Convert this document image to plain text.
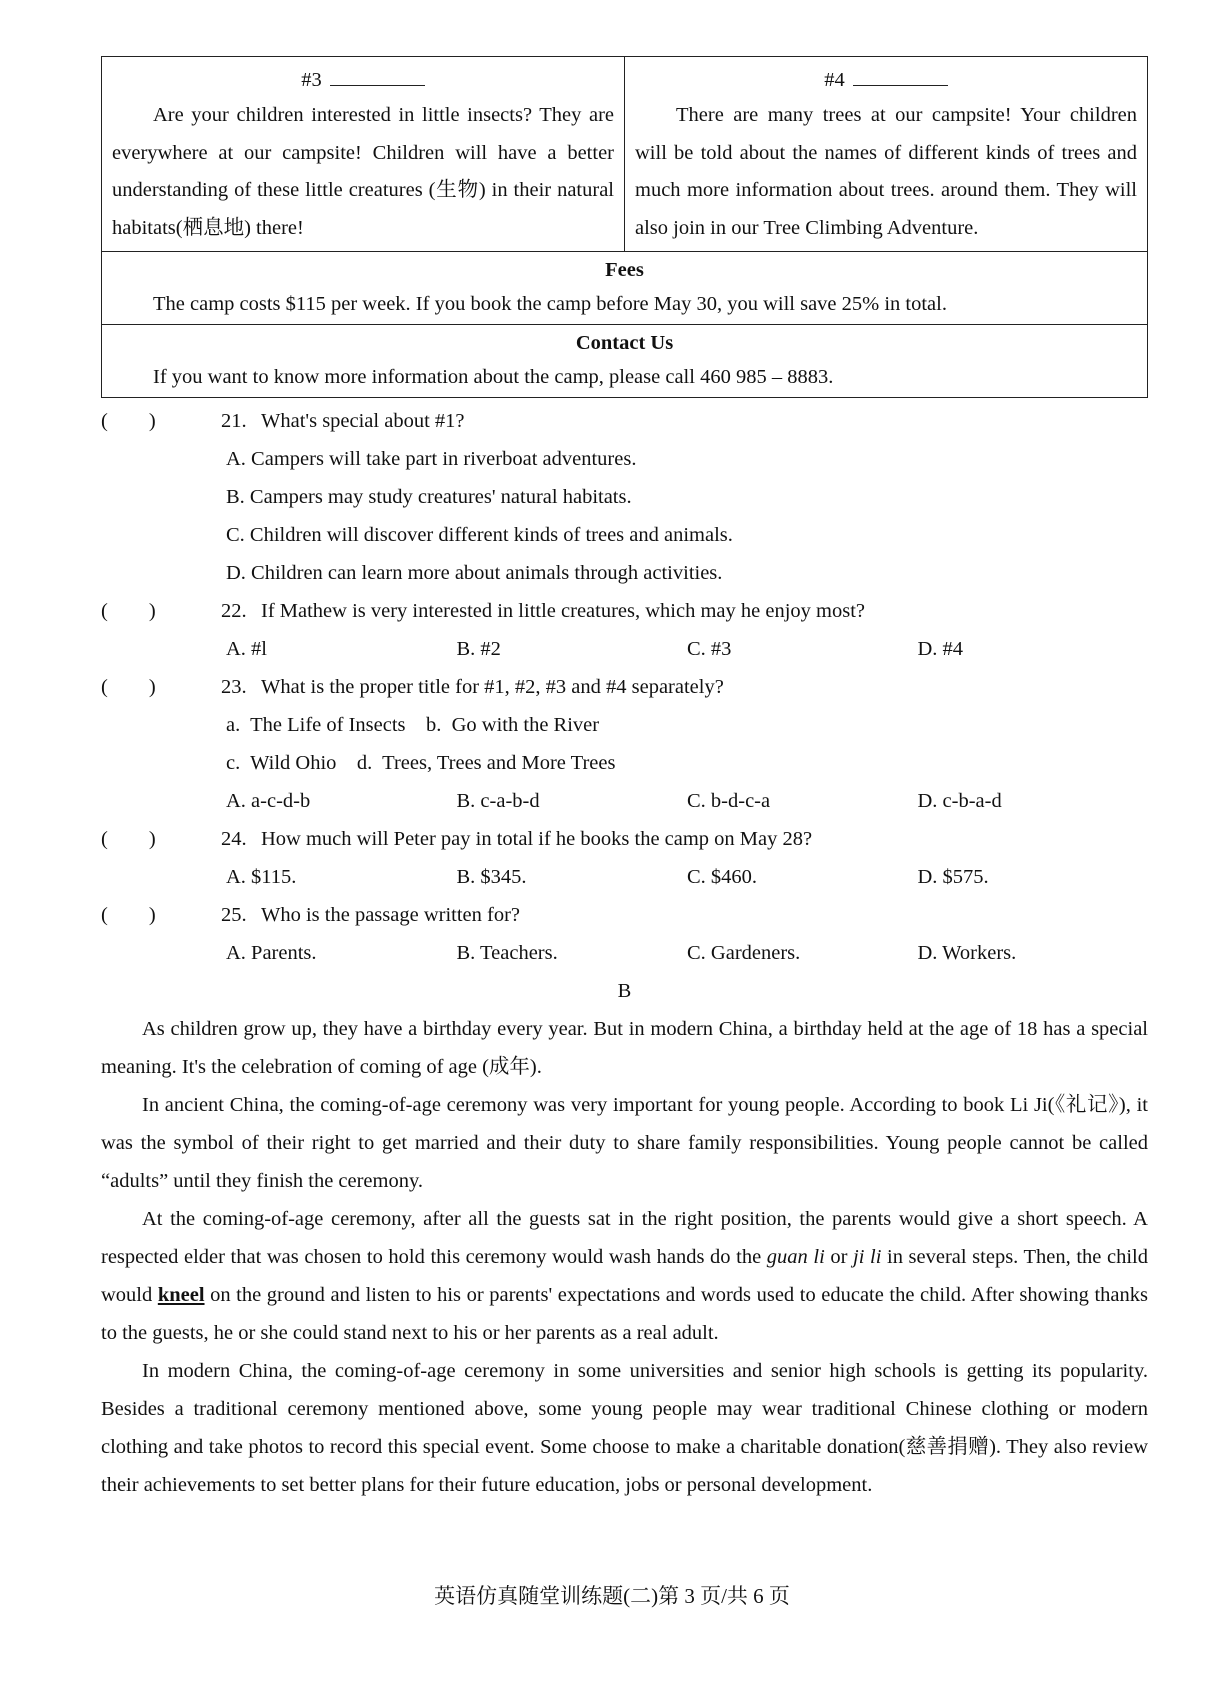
#3
Are your children interested in little insects? They are everywhere at our campsite! Children will have a better understanding of these little creatures (生物) in their natural habitats(栖息地) there!

#4
There are many trees at our campsite! Your children will be told about the names of different kinds of trees and much more information about trees. around them. They will also join in our Tree Climbing Adventure.

Fees
The camp costs $115 per week. If you book the camp before May 30, you will save 25% in total.

Contact Us
If you want to know more information about the camp, please call 460 985 – 8883.
(        )	21. What's special about #1?
A. Campers will take part in riverboat adventures.
B. Campers may study creatures' natural habitats.
C. Children will discover different kinds of trees and animals.
D. Children can learn more about animals through activities.
(        )	22. If Mathew is very interested in little creatures, which may he enjoy most?
A. #l	B. #2	C. #3	D. #4
(        )	23. What is the proper title for #1, #2, #3 and #4 separately?
a.  The Life of Insects    b.  Go with the River
c.  Wild Ohio    d.  Trees, Trees and More Trees
A. a-c-d-b	B. c-a-b-d	C. b-d-c-a	D. c-b-a-d
(        )	24. How much will Peter pay in total if he books the camp on May 28?
A. $115.	B. $345.	C. $460.	D. $575.
(        )	25. Who is the passage written for?
A. Parents.	B. Teachers.	C. Gardeners.	D. Workers.
B

As children grow up, they have a birthday every year. But in modern China, a birthday held at the age of 18 has a special meaning. It's the celebration of coming of age (成年).

In ancient China, the coming-of-age ceremony was very important for young people. According to book Li Ji(《礼记》), it was the symbol of their right to get married and their duty to share family responsibilities. Young people cannot be called “adults” until they finish the ceremony.

At the coming-of-age ceremony, after all the guests sat in the right position, the parents would give a short speech. A respected elder that was chosen to hold this ceremony would wash hands do the guan li or ji li in several steps. Then, the child would kneel on the ground and listen to his or parents' expectations and words used to educate the child. After showing thanks to the guests, he or she could stand next to his or her parents as a real adult.

In modern China, the coming-of-age ceremony in some universities and senior high schools is getting its popularity. Besides a traditional ceremony mentioned above, some young people may wear traditional Chinese clothing or modern clothing and take photos to record this special event. Some choose to make a charitable donation(慈善捐赠). They also review their achievements to set better plans for their future education, jobs or personal development.

英语仿真随堂训练题(二)第 3 页/共 6 页
